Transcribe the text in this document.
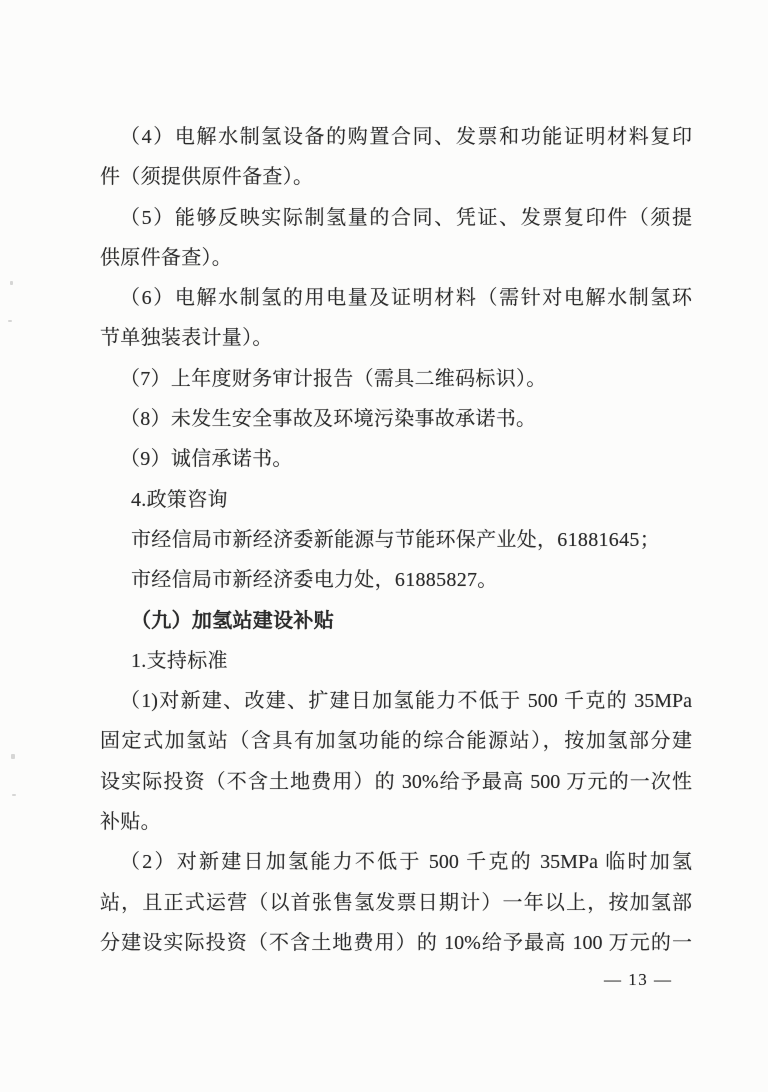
（4）电解水制氢设备的购置合同、发票和功能证明材料复印
件（须提供原件备查）。
（5）能够反映实际制氢量的合同、凭证、发票复印件（须提
供原件备查）。
（6）电解水制氢的用电量及证明材料（需针对电解水制氢环
节单独装表计量）。
（7）上年度财务审计报告（需具二维码标识）。
（8）未发生安全事故及环境污染事故承诺书。
（9）诚信承诺书。
4.政策咨询
市经信局市新经济委新能源与节能环保产业处，61881645；
市经信局市新经济委电力处，61885827。
（九）加氢站建设补贴
1.支持标准
（1)对新建、改建、扩建日加氢能力不低于 500 千克的 35MPa
固定式加氢站（含具有加氢功能的综合能源站），按加氢部分建
设实际投资（不含土地费用）的 30%给予最高 500 万元的一次性
补贴。
（2）对新建日加氢能力不低于 500 千克的 35MPa 临时加氢
站，且正式运营（以首张售氢发票日期计）一年以上，按加氢部
分建设实际投资（不含土地费用）的 10%给予最高 100 万元的一
— 13 —
